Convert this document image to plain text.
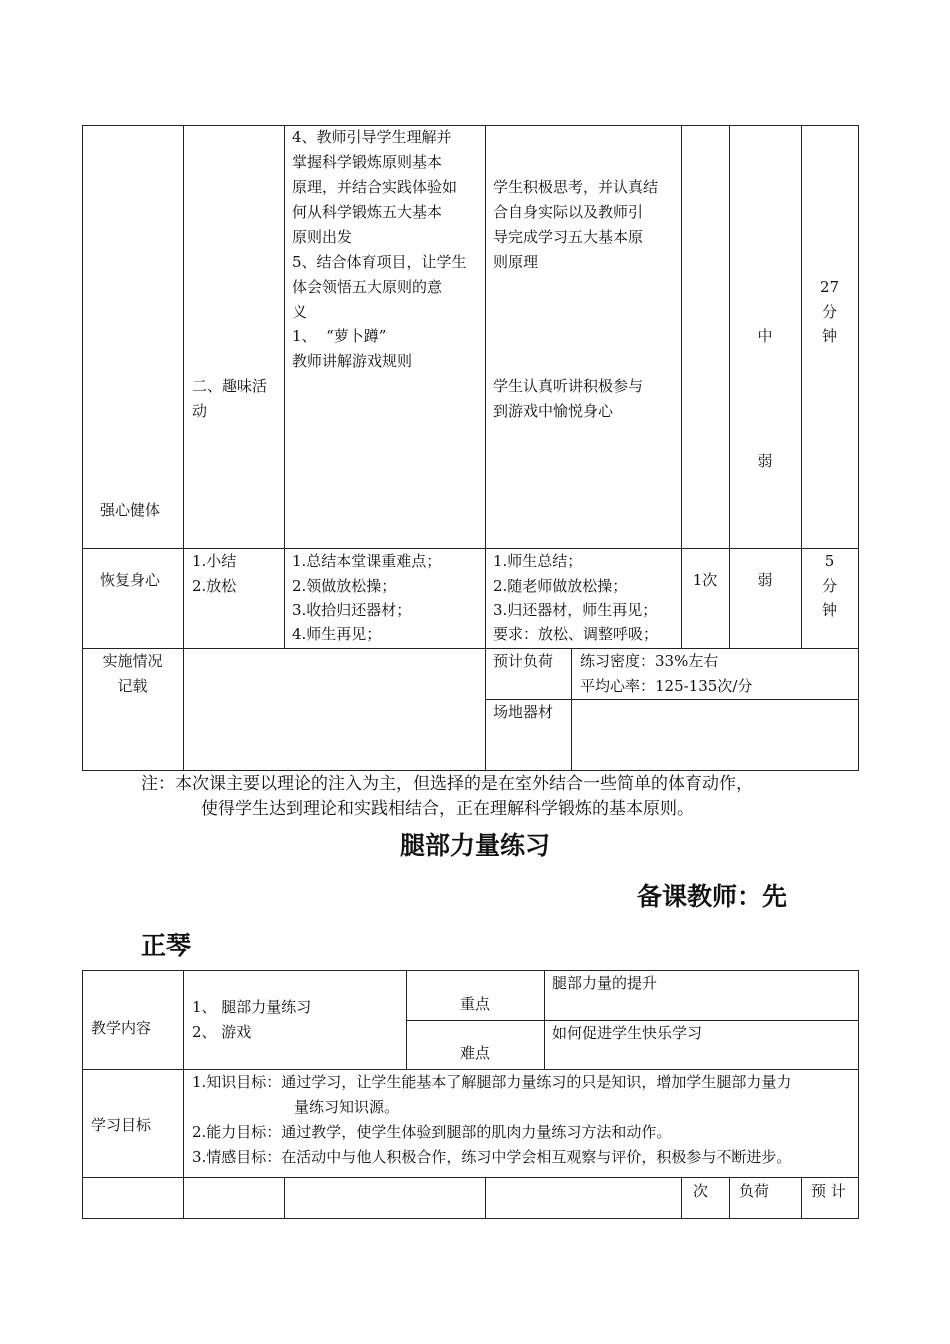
强心健体
二、趣味活
动
4、教师引导学生理解并
掌握科学锻炼原则基本
原理，并结合实践体验如
何从科学锻炼五大基本
原则出发
5、结合体育项目，让学生
体会领悟五大原则的意
义
1、  “萝卜蹲”
教师讲解游戏规则
学生积极思考，并认真结
合自身实际以及教师引
导完成学习五大基本原
则原理
学生认真听讲积极参与
到游戏中愉悦身心
中
弱
27
分
钟
恢复身心
1.小结
2.放松
1.总结本堂课重难点；
2.领做放松操；
3.收拾归还器材；
4.师生再见；
1.师生总结；
2.随老师做放松操；
3.归还器材，师生再见；
要求：放松、调整呼吸；
1次	弱
5
分
钟
实施情况
记载
预计负荷 练习密度：33%左右
平均心率：125-135次/分
场地器材
注：本次课主要以理论的注入为主，但选择的是在室外结合一些简单的体育动作，
使得学生达到理论和实践相结合，正在理解科学锻炼的基本原则。
腿部力量练习
备课教师：先
正琴
教学内容
1、 腿部力量练习
2、 游戏
重点
腿部力量的提升
难点
如何促进学生快乐学习
学习目标
1.知识目标：通过学习，让学生能基本了解腿部力量练习的只是知识，增加学生腿部力量力
量练习知识源。
2.能力目标：通过教学，使学生体验到腿部的肌肉力量练习方法和动作。
3.情感目标：在活动中与他人积极合作，练习中学会相互观察与评价，积极参与不断进步。
次 负荷	预 计
